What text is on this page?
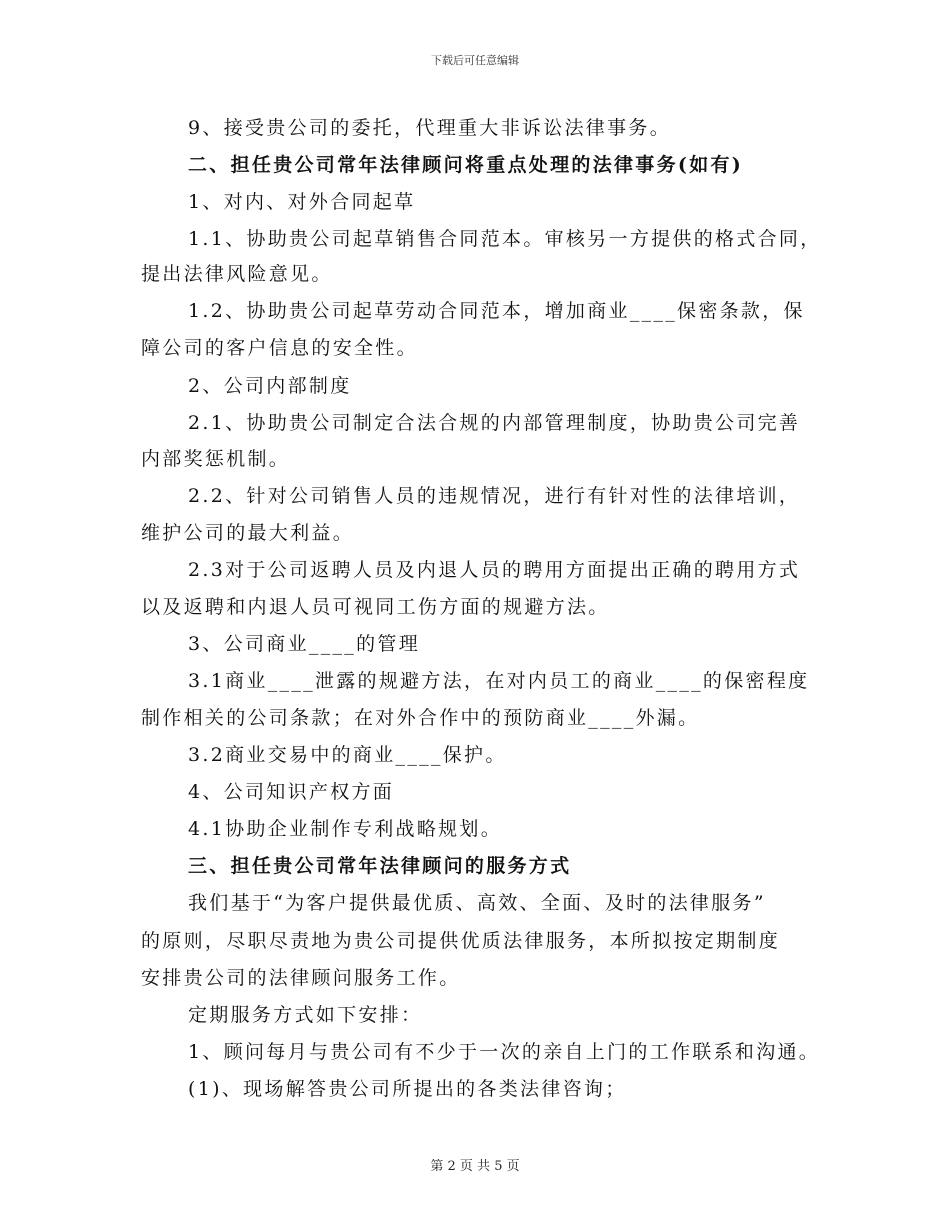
下载后可任意编辑
9、接受贵公司的委托，代理重大非诉讼法律事务。
二、担任贵公司常年法律顾问将重点处理的法律事务(如有)
1、对内、对外合同起草
1.1、协助贵公司起草销售合同范本。审核另一方提供的格式合同，
提出法律风险意见。
1.2、协助贵公司起草劳动合同范本，增加商业____保密条款，保
障公司的客户信息的安全性。
2、公司内部制度
2.1、协助贵公司制定合法合规的内部管理制度，协助贵公司完善
内部奖惩机制。
2.2、针对公司销售人员的违规情况，进行有针对性的法律培训，
维护公司的最大利益。
2.3对于公司返聘人员及内退人员的聘用方面提出正确的聘用方式
以及返聘和内退人员可视同工伤方面的规避方法。
3、公司商业____的管理
3.1商业____泄露的规避方法，在对内员工的商业____的保密程度
制作相关的公司条款；在对外合作中的预防商业____外漏。
3.2商业交易中的商业____保护。
4、公司知识产权方面
4.1协助企业制作专利战略规划。
三、担任贵公司常年法律顾问的服务方式
我们基于“为客户提供最优质、高效、全面、及时的法律服务”
的原则，尽职尽责地为贵公司提供优质法律服务，本所拟按定期制度
安排贵公司的法律顾问服务工作。
定期服务方式如下安排：
1、顾问每月与贵公司有不少于一次的亲自上门的工作联系和沟通。
(1)、现场解答贵公司所提出的各类法律咨询；
第 2 页 共 5 页
